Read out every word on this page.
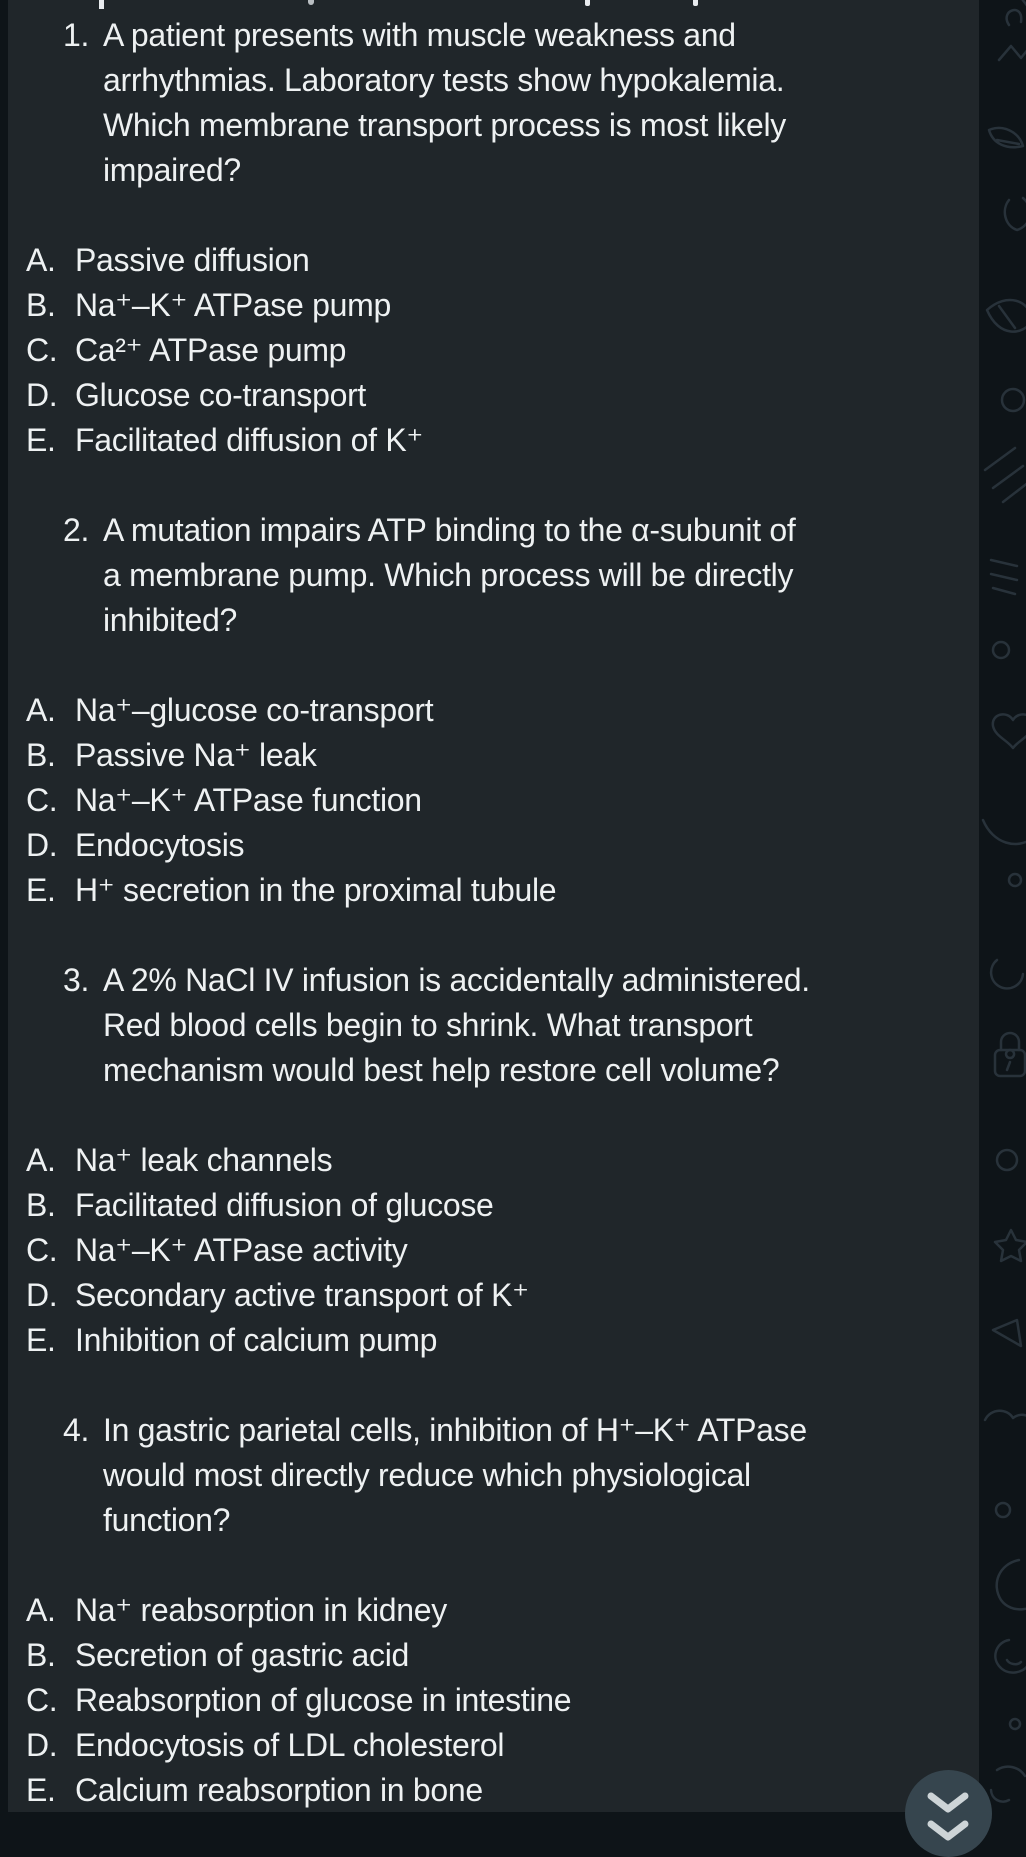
1. A patient presents with muscle weakness and
arrhythmias. Laboratory tests show hypokalemia.
Which membrane transport process is most likely
impaired?
A. Passive diffusion
B. Na⁺–K⁺ ATPase pump
C. Ca²⁺ ATPase pump
D. Glucose co-transport
E. Facilitated diffusion of K⁺
2. A mutation impairs ATP binding to the α-subunit of
a membrane pump. Which process will be directly
inhibited?
A. Na⁺–glucose co-transport
B. Passive Na⁺ leak
C. Na⁺–K⁺ ATPase function
D. Endocytosis
E. H⁺ secretion in the proximal tubule
3. A 2% NaCl IV infusion is accidentally administered.
Red blood cells begin to shrink. What transport
mechanism would best help restore cell volume?
A. Na⁺ leak channels
B. Facilitated diffusion of glucose
C. Na⁺–K⁺ ATPase activity
D. Secondary active transport of K⁺
E. Inhibition of calcium pump
4. In gastric parietal cells, inhibition of H⁺–K⁺ ATPase
would most directly reduce which physiological
function?
A. Na⁺ reabsorption in kidney
B. Secretion of gastric acid
C. Reabsorption of glucose in intestine
D. Endocytosis of LDL cholesterol
E. Calcium reabsorption in bone
